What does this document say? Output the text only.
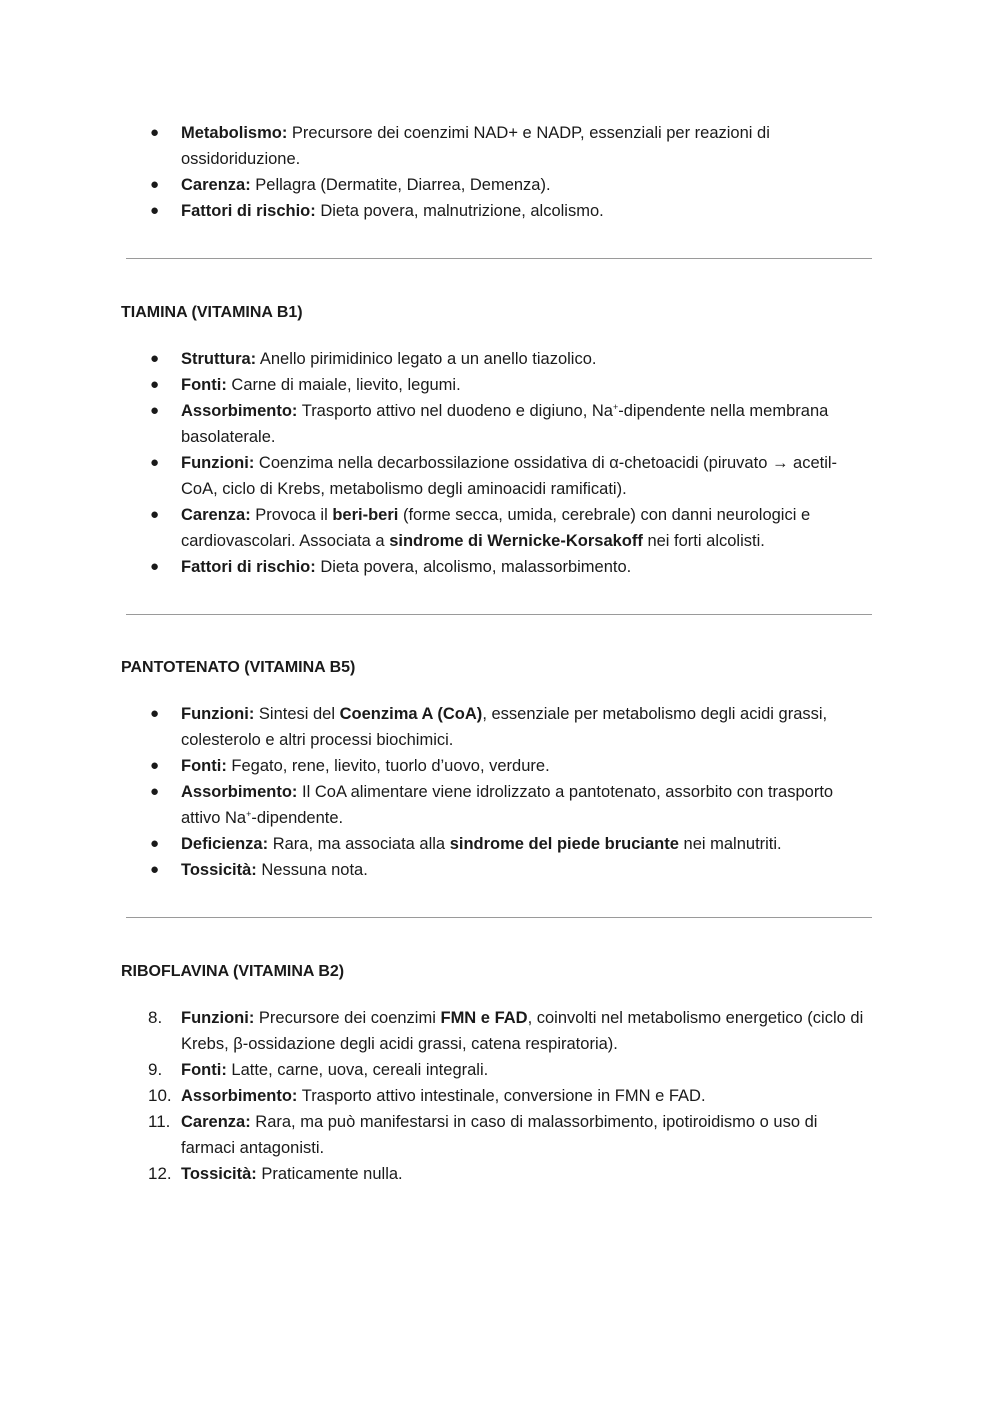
● Metabolismo: Precursore dei coenzimi NAD+ e NADP, essenziali per reazioni di ossidoriduzione.
● Carenza: Pellagra (Dermatite, Diarrea, Demenza).
● Fattori di rischio: Dieta povera, malnutrizione, alcolismo.
TIAMINA (VITAMINA B1)
● Struttura: Anello pirimidinico legato a un anello tiazolico.
● Fonti: Carne di maiale, lievito, legumi.
● Assorbimento: Trasporto attivo nel duodeno e digiuno, Na+-dipendente nella membrana basolaterale.
● Funzioni: Coenzima nella decarbossilazione ossidativa di α-chetoacidi (piruvato → acetil-CoA, ciclo di Krebs, metabolismo degli aminoacidi ramificati).
● Carenza: Provoca il beri-beri (forme secca, umida, cerebrale) con danni neurologici e cardiovascolari. Associata a sindrome di Wernicke-Korsakoff nei forti alcolisti.
● Fattori di rischio: Dieta povera, alcolismo, malassorbimento.
PANTOTENATO (VITAMINA B5)
● Funzioni: Sintesi del Coenzima A (CoA), essenziale per metabolismo degli acidi grassi, colesterolo e altri processi biochimici.
● Fonti: Fegato, rene, lievito, tuorlo d’uovo, verdure.
● Assorbimento: Il CoA alimentare viene idrolizzato a pantotenato, assorbito con trasporto attivo Na+-dipendente.
● Deficienza: Rara, ma associata alla sindrome del piede bruciante nei malnutriti.
● Tossicità: Nessuna nota.
RIBOFLAVINA (VITAMINA B2)
8. Funzioni: Precursore dei coenzimi FMN e FAD, coinvolti nel metabolismo energetico (ciclo di Krebs, β-ossidazione degli acidi grassi, catena respiratoria).
9. Fonti: Latte, carne, uova, cereali integrali.
10. Assorbimento: Trasporto attivo intestinale, conversione in FMN e FAD.
11. Carenza: Rara, ma può manifestarsi in caso di malassorbimento, ipotiroidismo o uso di farmaci antagonisti.
12. Tossicità: Praticamente nulla.
